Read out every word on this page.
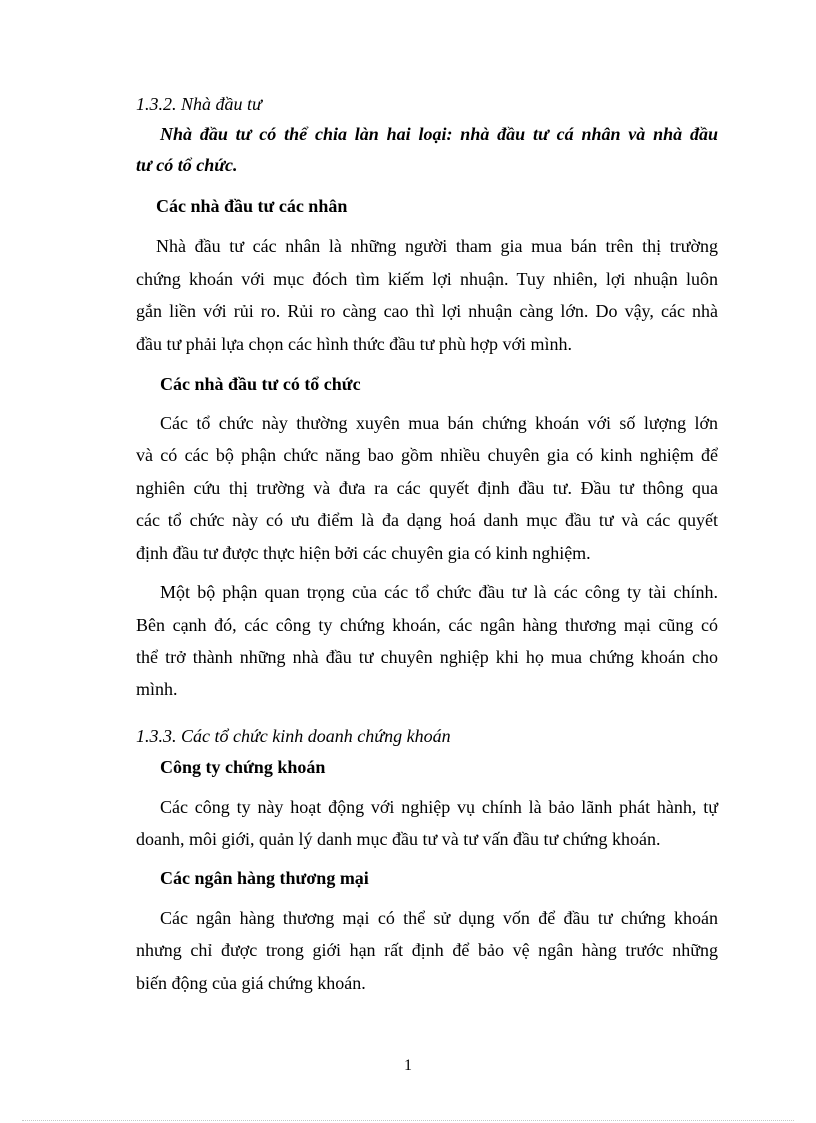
1.3.2. Nhà đầu tư
Nhà đầu tư có thể chia làn hai loại: nhà đầu tư cá nhân và nhà đầu
tư có tổ chức.
Các nhà đầu tư các nhân
Nhà đầu tư các nhân là những người tham gia mua bán trên thị trường
chứng khoán với mục đóch tìm kiếm lợi nhuận. Tuy nhiên, lợi nhuận luôn
gắn liền với rủi ro. Rủi ro càng cao thì lợi nhuận càng lớn. Do vậy, các nhà
đầu tư phải lựa chọn các hình thức đầu tư phù hợp với mình.
Các nhà đầu tư có tổ chức
Các tổ chức này thường xuyên mua bán chứng khoán với số lượng lớn
và có các bộ phận chức năng bao gồm nhiều chuyên gia có kinh nghiệm để
nghiên cứu thị trường và đưa ra các quyết định đầu tư. Đầu tư thông qua
các tổ chức này có ưu điểm là đa dạng hoá danh mục đầu tư và các quyết
định đầu tư được thực hiện bởi các chuyên gia có kinh nghiệm.
Một bộ phận quan trọng của các tổ chức đầu tư là các công ty tài chính.
Bên cạnh đó, các công ty chứng khoán, các ngân hàng thương mại cũng có
thể trở thành những nhà đầu tư chuyên nghiệp khi họ mua chứng khoán cho
mình.
1.3.3. Các tổ chức kinh doanh chứng khoán
Công ty chứng khoán
Các công ty này hoạt động với nghiệp vụ chính là bảo lãnh phát hành, tự
doanh, môi giới, quản lý danh mục đầu tư và tư vấn đầu tư chứng khoán.
Các ngân hàng thương mại
Các ngân hàng thương mại có thể sử dụng vốn để đầu tư chứng khoán
nhưng chỉ được trong giới hạn rất định để bảo vệ ngân hàng trước những
biến động của giá chứng khoán.
1
